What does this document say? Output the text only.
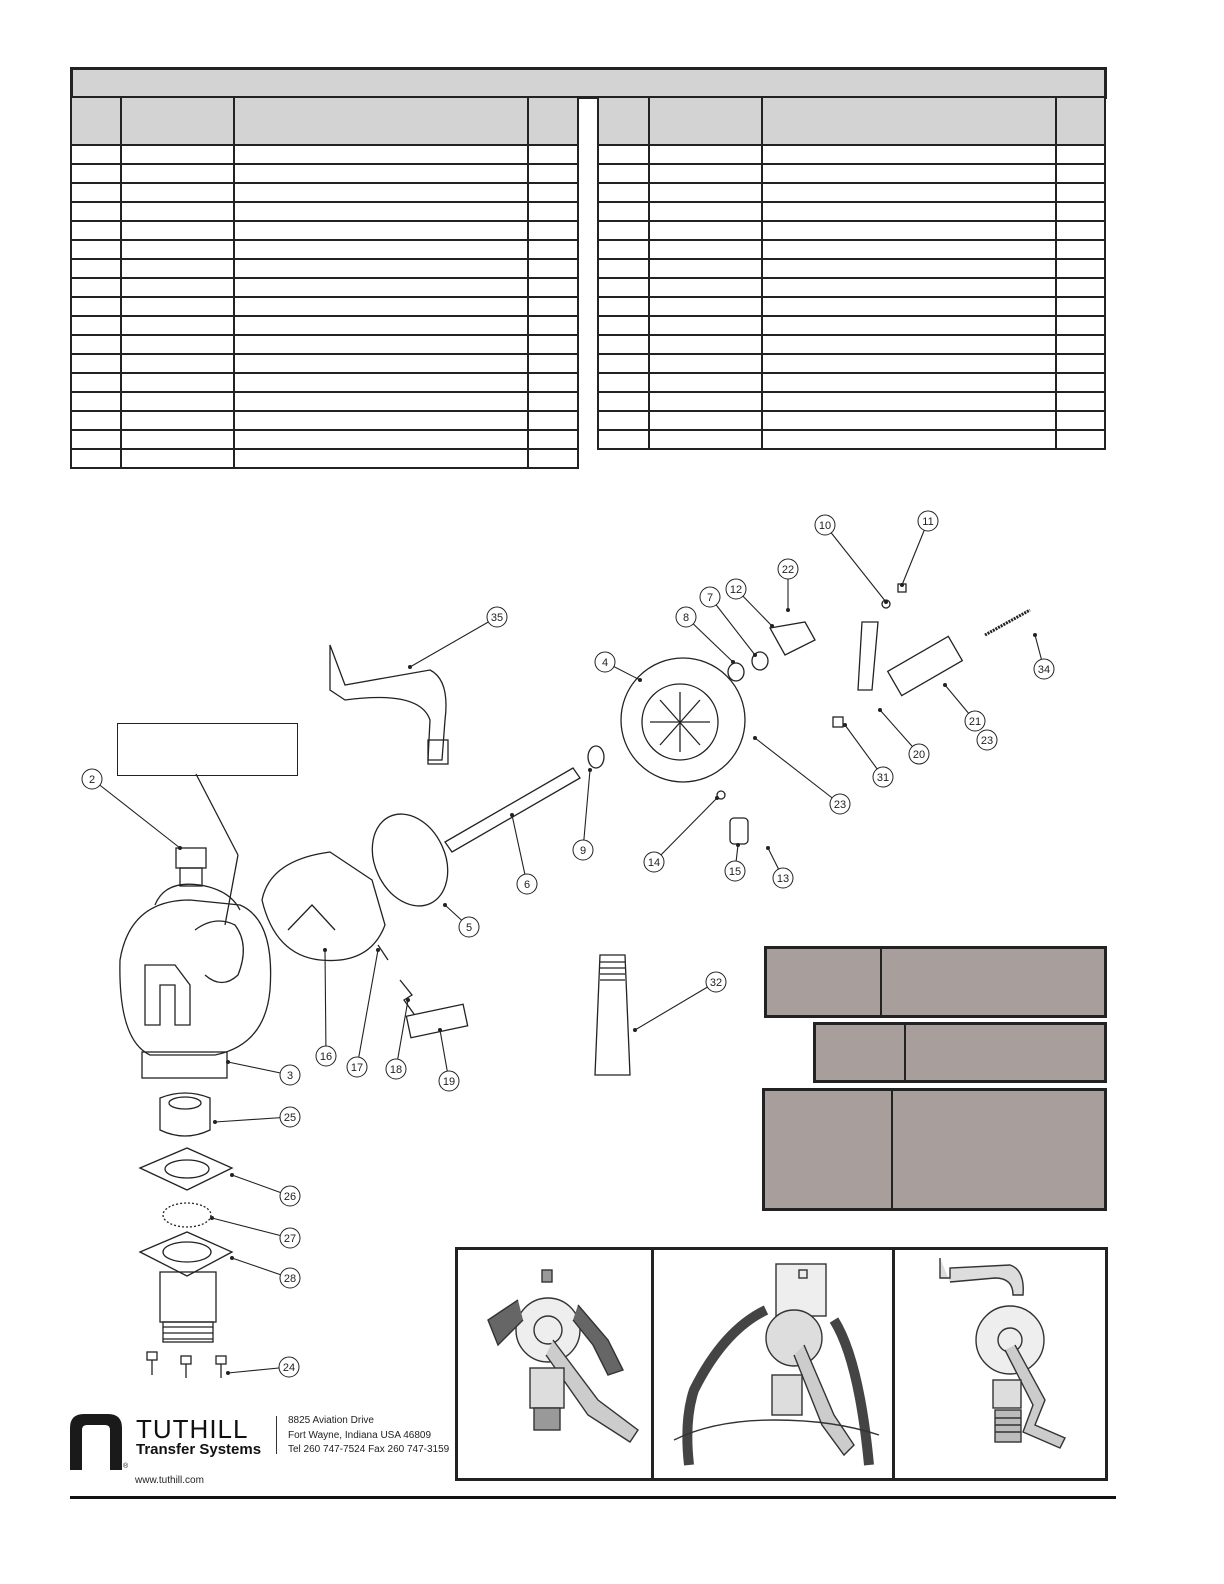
2
3
4
5
6
7
8
9
10	11
12
13
14
15
16
17 18
19
20
21
22
23
24
25
26
27
28
31
32
34
35
23
TUTHILL
Transfer Systems
8825 Aviation Drive
Fort Wayne, Indiana USA 46809
Tel 260 747-7524 Fax 260 747-3159
®
www.tuthill.com
